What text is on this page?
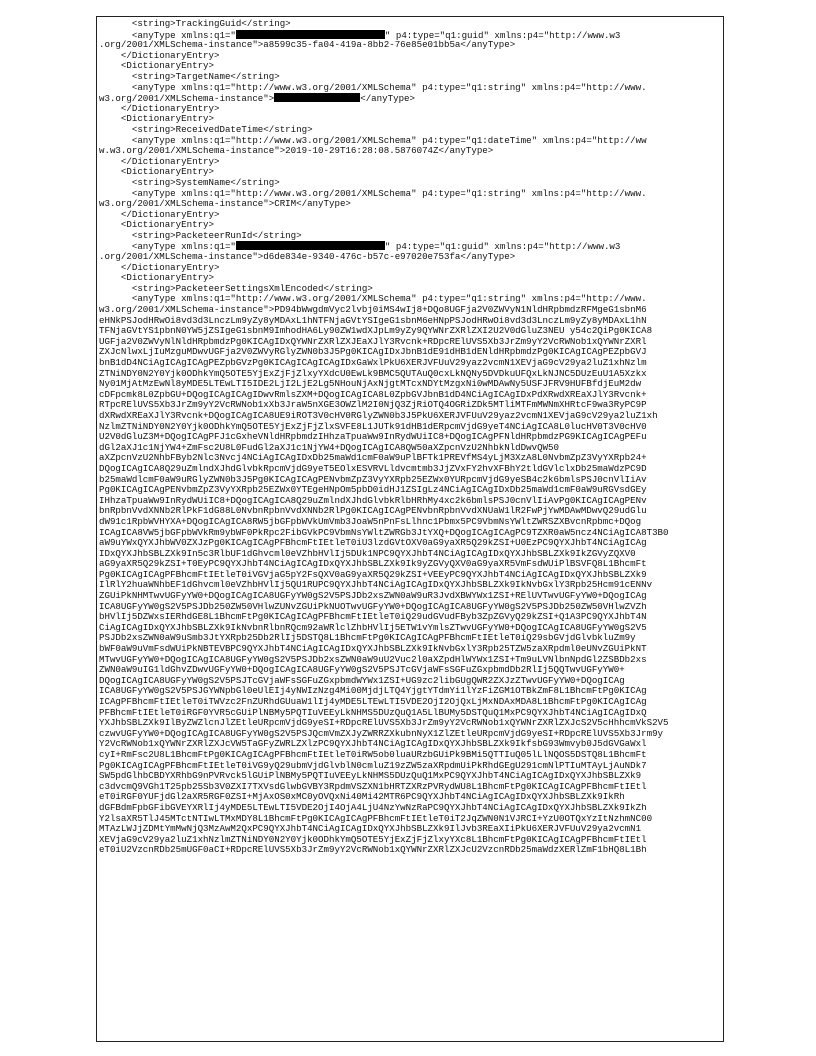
<string>TrackingGuid</string>
<anyType xmlns:q1="	" p4:type="q1:guid" xmlns:p4="http://www.w3
.org/2001/XMLSchema-instance">a8599c35-fa04-419a-8bb2-76e85e01bb5a</anyType>
</DictionaryEntry>
<DictionaryEntry>
<string>TargetName</string>
<anyType xmlns:q1="http://www.w3.org/2001/XMLSchema" p4:type="q1:string" xmlns:p4="http://www.
w3.org/2001/XMLSchema-instance">	</anyType>
</DictionaryEntry>
<DictionaryEntry>
<string>ReceivedDateTime</string>
<anyType xmlns:q1="http://www.w3.org/2001/XMLSchema" p4:type="q1:dateTime" xmlns:p4="http://ww
w.w3.org/2001/XMLSchema-instance">2019-10-29T16:28:08.5876074Z</anyType>
</DictionaryEntry>
<DictionaryEntry>
<string>SystemName</string>
<anyType xmlns:q1="http://www.w3.org/2001/XMLSchema" p4:type="q1:string" xmlns:p4="http://www.
w3.org/2001/XMLSchema-instance">CRIM</anyType>
</DictionaryEntry>
<DictionaryEntry>
<string>PacketeerRunId</string>
<anyType xmlns:q1="	" p4:type="q1:guid" xmlns:p4="http://www.w3
.org/2001/XMLSchema-instance">d6de834e-9340-476c-b57c-e97020e753fa</anyType>
</DictionaryEntry>
<DictionaryEntry>
<string>PacketeerSettingsXmlEncoded</string>
<anyType xmlns:q1="http://www.w3.org/2001/XMLSchema" p4:type="q1:string" xmlns:p4="http://www.
w3.org/2001/XMLSchema-instance">PD94bWwgdmVyc2lvbj0iMS4wIj8+DQo8UGFja2V0ZWVyN1NldHRpbmdzRFMgeG1sbnM6
eHNkPSJodHRwOi8vd3d3LnczLm9yZy8yMDAxL1hNTFNjaGVtYSIgeG1sbnM6eHNpPSJodHRwOi8vd3d3LnczLm9yZy8yMDAxL1hN
TFNjaGVtYS1pbnN0YW5jZSIgeG1sbnM9ImhodHA6Ly90ZW1wdXJpLm9yZy9QYWNrZXRlZXI2U2V0dGluZ3NEU y54c2QiPg0KICA8
UGFja2V0ZWVyNlNldHRpbmdzPg0KICAgIDxQYWNrZXRlZXJEaXJlY3Rvcnk+RDpcRElUVS5Xb3JrZm9yY2VcRWNob1xQYWNrZXRl
ZXJcNlwxLjIuMzguMDwvUGFja2V0ZWVyRGlyZWN0b3J5Pg0KICAgIDxJbnB1dE91dHB1dENldHRpbmdzPg0KICAgICAgPEZpbGVJ
bnB1dD4NCiAgICAgICAgPEZpbGVzPg0KICAgICAgICAgIDxGaWxlPkU6XERJVFUuV29yaz2vcmN1XEVjaG9cV29ya2luZ1xhNzlm
ZTNiNDY0N2Y0Yjk0ODhkYmQ5OTE5YjExZjFjZlxyYXdcU0EwLk9BMC5QUTAuQ0cxLkNQNy5DVDkuUFQxLkNJNC5DUzEuU1A5Xzkx
Ny01MjAtMzEwNl8yMDE5LTEwLTI5IDE2LjI2LjE2Lg5NHouNjAxNjgtMTcxNDYtMzgxNi0wMDAwNy5USFJFRV9HUFBfdjEuM2dw
cDFpcmk8L0ZpbGU+DQogICAgICAgIDwvRmlsZXM+DQogICAgICA8L0ZpbGVJbnB1dD4NCiAgICAgIDxPdXRwdXREaXJlY3Rvcnk+
RTpcRElUVS5Xb3JrZm9yY2VcRWNob1xXb3JraW5nXGE3OWZlM2I0NjQ3ZjRiOTQ4OGRiZDk5MTliMTFmMWNmXHRtcF9wa3RyPC9P
dXRwdXREaXJlY3Rvcnk+DQogICAgICA8UE9iROT3V0cHV0RGlyZWN0b3J5PkU6XERJVFUuV29yaz2vcmN1XEVjaG9cV29ya2luZ1xh
NzlmZTNiNDY0N2Y0Yjk0ODhkYmQ5OTE5YjExZjFjZlxSVFE8L1JUTk91dHB1dERpcmVjdG9yeT4NCiAgICA8L0lucHV0T3V0cHV0
U2V0dGluZ3M+DQogICAgPFJ1cGxheVNldHRpbmdzIHhzaTpuaWw9InRydWUiIC8+DQogICAgPFNldHRpbmdzPG9KICAgICAgPEFu
dGl2aXJ1c1NjYW4+ZmFsc2U8L0FudGl2aXJ1c1NjYW4+DQogICAgICA8QW50aXZpcnVzU2NhbkNldDwvQW50
aXZpcnVzU2NhbFByb2Nlc3Nvcj4NCiAgICAgIDxDb25maWd1cmF0aW9uPlBFTk1PREVfMS4yLjM3XzA8L0NvbmZpZ3VyYXRpb24+
DQogICAgICA8Q29uZmlndXJhdGlvbkRpcmVjdG9yeT5EOlxESVRVLldvcmtmb3JjZVxFY2hvXFBhY2tldGVlclxDb25maWdzPC9D
b25maWdlcmF0aW9uRGlyZWN0b3J5Pg0KICAgICAgPENvbmZpZ3VyYXRpb25EZWx0YURpcmVjdG9yeSB4c2k6bmlsPSJ0cnVlIiAv
Pg0KICAgICAgPENvbmZpZ3VyYXRpb25EZWx0YTEgeHNpOm5pbD0idHJ1ZSIgLz4NCiAgICAgIDxDb25maWd1cmF0aW9uRGVsdGEy
IHhzaTpuaWw9InRydWUiIC8+DQogICAgICA8Q29uZmlndXJhdGlvbkRlbHRhMy4xc2k6bmlsPSJ0cnVlIiAvPg0KICAgICAgPENv
bnRpbnVvdXNNb2RlPkF1dG88L0NvbnRpbnVvdXNNb2RlPg0KICAgICAgPENvbnRpbnVvdXNUaW1lR2FwPjYwMDAwMDwvQ29udGlu
dW91c1RpbWVHYXA+DQogICAgICA8RW5jbGFpbWVkUmVmb3JoaW5nPnFsLlhnc1Pbmx5PC9VbmNsYWltZWRSZXBvcnRpbmc+DQog
ICAgICA8VW5jbGFpbWVkRm9ybWF0PkRpc2FibGVkPC9VbmNsYWltZWRGb3JtYXQ+DQogICAgICAgPC9TZXR0aW5ncz4NCiAgICA8T3B0
aW9uYWxQYXJhbWV0ZXJzPg0KICAgICAgPFBhcmFtIEtleT0iU3lzdGVtOXV0aG9yaXR5Q29kZSI+U0EzPC9QYXJhbT4NCiAgICAg
IDxQYXJhbSBLZXk9In5c3RlbUF1dGhvcml0eVZhbHVlIj5DUk1NPC9QYXJhbT4NCiAgICAgIDxQYXJhbSBLZXk9IkZGVyZQXV0
aG9yaXR5Q29kZSI+T0EyPC9QYXJhbT4NCiAgICAgIDxQYXJhbSBLZXk9Ik9yZGVyQXV0aG9yaXR5VmFsdWUiPlBSVFQ8L1BhcmFt
Pg0KICAgICAgPFBhcmFtIEtleT0iVGVjaG5pY2FsQXV0aG9yaXR5Q29kZSI+VEEyPC9QYXJhbT4NCiAgICAgIDxQYXJhbSBLZXk9
IlRlY2huaWNhbEF1dGhvcml0eVZhbHVlIj5QU1RUPC9QYXJhbT4NCiAgICAgIDxQYXJhbSBLZXk9IkNvbGxlY3Rpb25Hcm91cENNv
ZGUiPkNHMTwvUGFyYW0+DQogICAgICA8UGFyYW0gS2V5PSJDb2xsZWN0aW9uR3JvdXBWYWx1ZSI+RElUVTwvUGFyYW0+DQogICAg
ICA8UGFyYW0gS2V5PSJDb250ZW50VHlwZUNvZGUiPkNUOTwvUGFyYW0+DQogICAgICA8UGFyYW0gS2V5PSJDb250ZW50VHlwZVZh
bHVlIj5DZWxsIERhdGE8L1BhcmFtPg0KICAgICAgPFBhcmFtIEtleT0iQ29udGVudFByb3ZpZGVyQ29kZSI+Q1A3PC9QYXJhbT4N
CiAgICAgIDxQYXJhbSBLZXk9IkNvbnRlbnRQcm92aWRlclZhbHVlIj5ETW1vYmlsZTwvUGFyYW0+DQogICAgICA8UGFyYW0gS2V5
PSJDb2xsZWN0aW9uSmb3JtYXRpb25Db2RlIj5DSTQ8L1BhcmFtPg0KICAgICAgPFBhcmFtIEtleT0iQ29sbGVjdGlvbkluZm9y
bWF0aW9uVmFsdWUiPkNBTEVBPC9QYXJhbT4NCiAgICAgIDxQYXJhbSBLZXk9IkNvbGxlY3Rpb25TZW5zaXRpdml0eUNvZGUiPkNT
MTwvUGFyYW0+DQogICAgICA8UGFyYW0gS2V5PSJDb2xsZWN0aW9uU2Vuc2l0aXZpdHlWYWx1ZSI+Tm9uLVNlbnNpdGl2ZSBDb2xs
ZWN0aW9uIG1ldGhvZDwvUGFyYW0+DQogICAgICA8UGFyYW0gS2V5PSJTcGVjaWFsSGFuZGxpbmdDb2RlIj5QQTwvUGFyYW0+
DQogICAgICA8UGFyYW0gS2V5PSJTcGVjaWFsSGFuZGxpbmdWYWx1ZSI+UG9zc2libGUgQWR2ZXJzZTwvUGFyYW0+DQogICAg
ICA8UGFyYW0gS2V5PSJGYWNpbGl0eUlEIj4yNWIzNzg4Mi00MjdjLTQ4YjgtYTdmYi1lYzFiZGM1OTBkZmF8L1BhcmFtPg0KICAg
ICAgPFBhcmFtIEtleT0iTWVzc2FnZURhdGUuaW1lIj4yMDE5LTEwLTI5VDE2OjI2OjQxLjMxNDAxMDA8L1BhcmFtPg0KICAgICAg
PFBhcmFtIEtleT0iRGF0YVR5cGUiPlNBMy5PQTIuVEEyLkNHMS5DUzQuQ1A5LlBUMy5DSTQuQ1MxPC9QYXJhbT4NCiAgICAgIDxQ
YXJhbSBLZXk9IlByZWZlcnJlZEtleURpcmVjdG9yeSI+RDpcRElUVS5Xb3JrZm9yY2VcRWNob1xQYWNrZXRlZXJcS2V5cHhhcmVkS2V5
czwvUGFyYW0+DQogICAgICA8UGFyYW0gS2V5PSJQcmVmZXJyZWRRZXkubnNyX1ZlZEtleURpcmVjdG9yeSI+RDpcRElUVS5Xb3Jrm9y
Y2VcRWNob1xQYWNrZXRlZXJcVW5TaGFyZWRLZXlzPC9QYXJhbT4NCiAgICAgIDxQYXJhbSBLZXk9IkfsbG93Wmvyb0J5dGVGaWxl
cyI+RmFsc2U8L1BhcmFtPg0KICAgICAgPFBhcmFtIEtleT0iRW5ob0luaURzbGUiPk9BMi5QTTIuQ05lLlNQOS5DSTQ8L1BhcmFt
Pg0KICAgICAgPFBhcmFtIEtleT0iVG9yQ29ubmVjdGlvblN0cmluZ19zZW5zaXRpdmUiPkRhdGEgU291cmNlPTIuMTAyLjAuNDk7
SW5pdGlhbCBDYXRhbG9nPVRvck5lGUiPlNBMy5PQTIuVEEyLkNHMS5DUzQuQ1MxPC9QYXJhbT4NCiAgICAgIDxQYXJhbSBLZXk9
c3dvcmQ9VGh1T25pb25Sb3V0ZXI7TXVsdGlwbGVBY3RpdmVSZXN1bHRTZXRzPVRydWU8L1BhcmFtPg0KICAgICAgPFBhcmFtIEtl
eT0iRGF0YUFjdGl2aXR5RGF0ZSI+MjAxOS0xMC0yOVQxNi40Mi42MTR6PC9QYXJhbT4NCiAgICAgIDxQYXJhbSBLZXk9IkRh
dGFBdmFpbGFibGVEYXRlIj4yMDE5LTEwLTI5VDE2OjI4OjA4LjU4NzYwNzRaPC9QYXJhbT4NCiAgICAgIDxQYXJhbSBLZXk9IkZh
Y2lsaXR5TlJ45MTctNTIwLTMxMDY8L1BhcmFtPg0KICAgICAgPFBhcmFtIEtleT0iT2JqZWN0N1VJRCI+YzU0OTQxYzItNzhmNC00
MTAzLWJjZDMtYmMwNjQ3MzAwM2QxPC9QYXJhbT4NCiAgICAgIDxQYXJhbSBLZXk9IlJvb3REaXIiPkU6XERJVFUuV29ya2vcmN1
XEVjaG9cV29ya2luZ1xhNzlmZTNiNDY0N2Y0Yjk0ODhkYmQ5OTE5YjExZjFjZlxyYXc8L1BhcmFtPg0KICAgICAgPFBhcmFtIEtl
eT0iU2VzcnRDb25mUGF0aCI+RDpcRElUVS5Xb3JrZm9yY2VcRWNob1xQYWNrZXRlZXJcU2VzcnRDb25maWdzXERlZmF1bHQ8L1Bh
